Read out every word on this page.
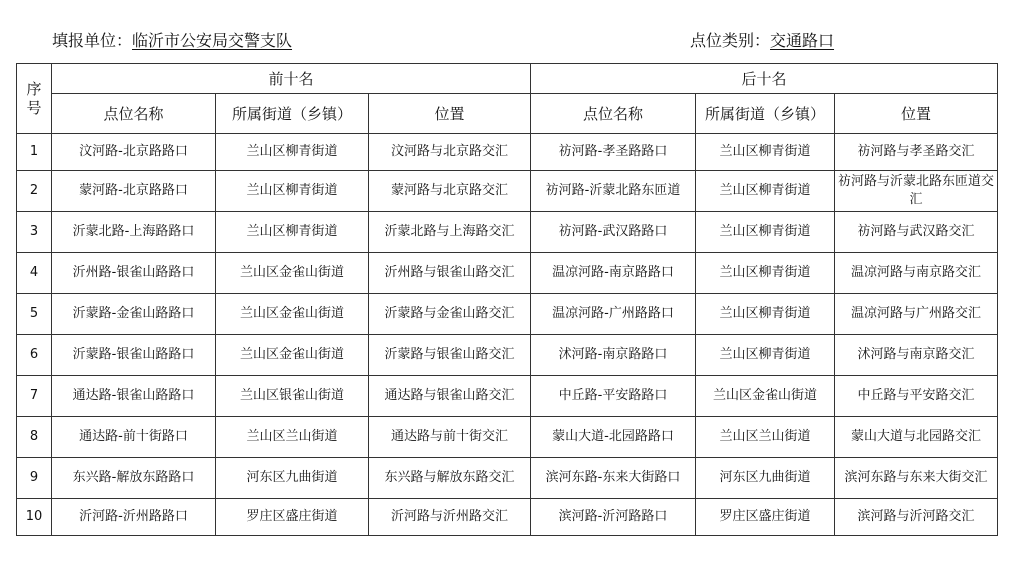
填报单位：临沂市公安局交警支队	点位类别：交通路口
序号	前十名			后十名		
	点位名称	所属街道（乡镇）	位置	点位名称	所属街道（乡镇）	位置
1	汶河路-北京路路口	兰山区柳青街道	汶河路与北京路交汇	祊河路-孝圣路路口	兰山区柳青街道	祊河路与孝圣路交汇
2	蒙河路-北京路路口	兰山区柳青街道	蒙河路与北京路交汇	祊河路-沂蒙北路东匝道	兰山区柳青街道	祊河路与沂蒙北路东匝道交汇
3	沂蒙北路-上海路路口	兰山区柳青街道	沂蒙北路与上海路交汇	祊河路-武汉路路口	兰山区柳青街道	祊河路与武汉路交汇
4	沂州路-银雀山路路口	兰山区金雀山街道	沂州路与银雀山路交汇	温凉河路-南京路路口	兰山区柳青街道	温凉河路与南京路交汇
5	沂蒙路-金雀山路路口	兰山区金雀山街道	沂蒙路与金雀山路交汇	温凉河路-广州路路口	兰山区柳青街道	温凉河路与广州路交汇
6	沂蒙路-银雀山路路口	兰山区金雀山街道	沂蒙路与银雀山路交汇	沭河路-南京路路口	兰山区柳青街道	沭河路与南京路交汇
7	通达路-银雀山路路口	兰山区银雀山街道	通达路与银雀山路交汇	中丘路-平安路路口	兰山区金雀山街道	中丘路与平安路交汇
8	通达路-前十街路口	兰山区兰山街道	通达路与前十街交汇	蒙山大道-北园路路口	兰山区兰山街道	蒙山大道与北园路交汇
9	东兴路-解放东路路口	河东区九曲街道	东兴路与解放东路交汇	滨河东路-东来大街路口	河东区九曲街道	滨河东路与东来大街交汇
10	沂河路-沂州路路口	罗庄区盛庄街道	沂河路与沂州路交汇	滨河路-沂河路路口	罗庄区盛庄街道	滨河路与沂河路交汇
